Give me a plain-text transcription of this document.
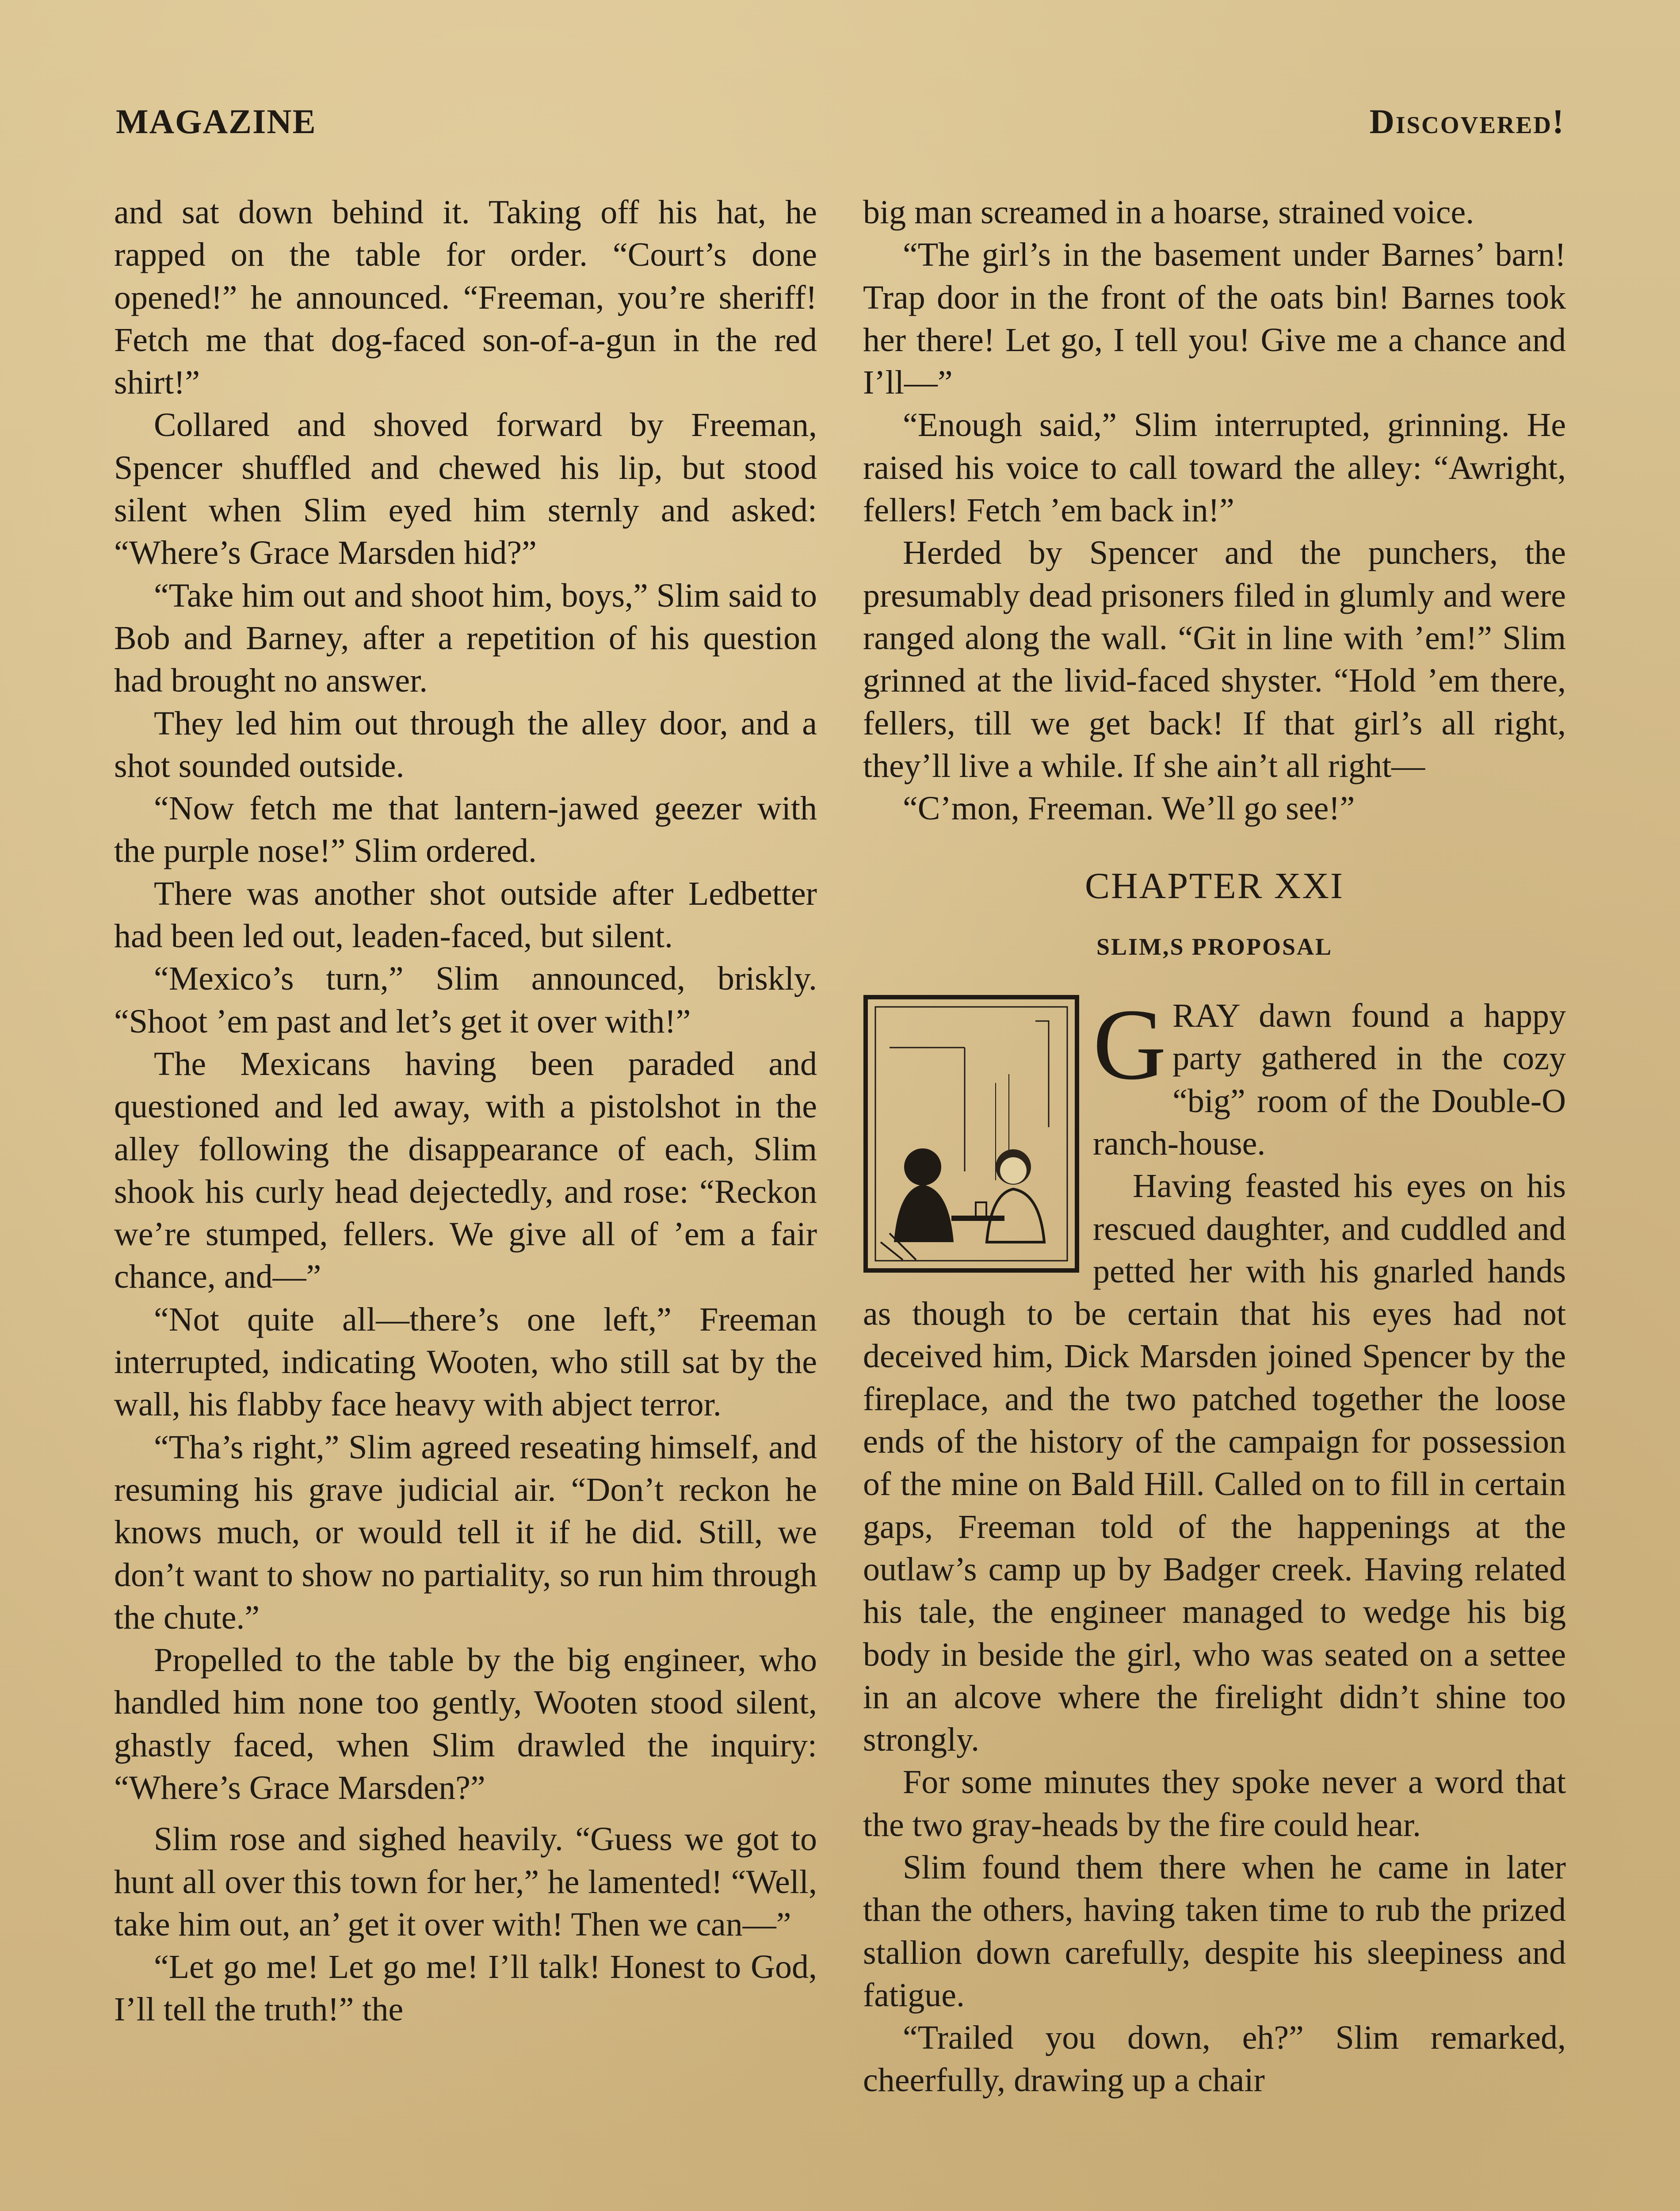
MAGAZINE	Discovered!

and sat down behind it. Taking off his hat, he rapped on the table for order. “Court’s done opened!” he announced. “Freeman, you’re sheriff! Fetch me that dog-faced son-of-a-gun in the red shirt!”

Collared and shoved forward by Freeman, Spencer shuffled and chewed his lip, but stood silent when Slim eyed him sternly and asked: “Where’s Grace Marsden hid?”

“Take him out and shoot him, boys,” Slim said to Bob and Barney, after a repetition of his question had brought no answer.

They led him out through the alley door, and a shot sounded outside.

“Now fetch me that lantern-jawed geezer with the purple nose!” Slim ordered.

There was another shot outside after Ledbetter had been led out, leaden-faced, but silent.

“Mexico’s turn,” Slim announced, briskly. “Shoot ’em past and let’s get it over with!”

The Mexicans having been paraded and questioned and led away, with a pistolshot in the alley following the disappearance of each, Slim shook his curly head dejectedly, and rose: “Reckon we’re stumped, fellers. We give all of ’em a fair chance, and—”

“Not quite all—there’s one left,” Freeman interrupted, indicating Wooten, who still sat by the wall, his flabby face heavy with abject terror.

“Tha’s right,” Slim agreed reseating himself, and resuming his grave judicial air. “Don’t reckon he knows much, or would tell it if he did. Still, we don’t want to show no partiality, so run him through the chute.”

Propelled to the table by the big engineer, who handled him none too gently, Wooten stood silent, ghastly faced, when Slim drawled the inquiry: “Where’s Grace Marsden?”

Slim rose and sighed heavily. “Guess we got to hunt all over this town for her,” he lamented! “Well, take him out, an’ get it over with! Then we can—”

“Let go me! Let go me! I’ll talk! Honest to God, I’ll tell the truth!” the

big man screamed in a hoarse, strained voice.

“The girl’s in the basement under Barnes’ barn! Trap door in the front of the oats bin! Barnes took her there! Let go, I tell you! Give me a chance and I’ll—”

“Enough said,” Slim interrupted, grinning. He raised his voice to call toward the alley: “Awright, fellers! Fetch ’em back in!”

Herded by Spencer and the punchers, the presumably dead prisoners filed in glumly and were ranged along the wall. “Git in line with ’em!” Slim grinned at the livid-faced shyster. “Hold ’em there, fellers, till we get back! If that girl’s all right, they’ll live a while. If she ain’t all right—

“C’mon, Freeman. We’ll go see!”

CHAPTER XXI
SLIM,S PROPOSAL
G RAY dawn found a happy party gathered in the cozy “big” room of the Double-O ranch-house.

Having feasted his eyes on his rescued daughter, and cuddled and petted her with his gnarled hands as though to be certain that his eyes had not deceived him, Dick Marsden joined Spencer by the fireplace, and the two patched together the loose ends of the history of the campaign for possession of the mine on Bald Hill. Called on to fill in certain gaps, Freeman told of the happenings at the outlaw’s camp up by Badger creek. Having related his tale, the engineer managed to wedge his big body in beside the girl, who was seated on a settee in an alcove where the firelight didn’t shine too strongly.

For some minutes they spoke never a word that the two gray-heads by the fire could hear.

Slim found them there when he came in later than the others, having taken time to rub the prized stallion down carefully, despite his sleepiness and fatigue.

“Trailed you down, eh?” Slim remarked, cheerfully, drawing up a chair
